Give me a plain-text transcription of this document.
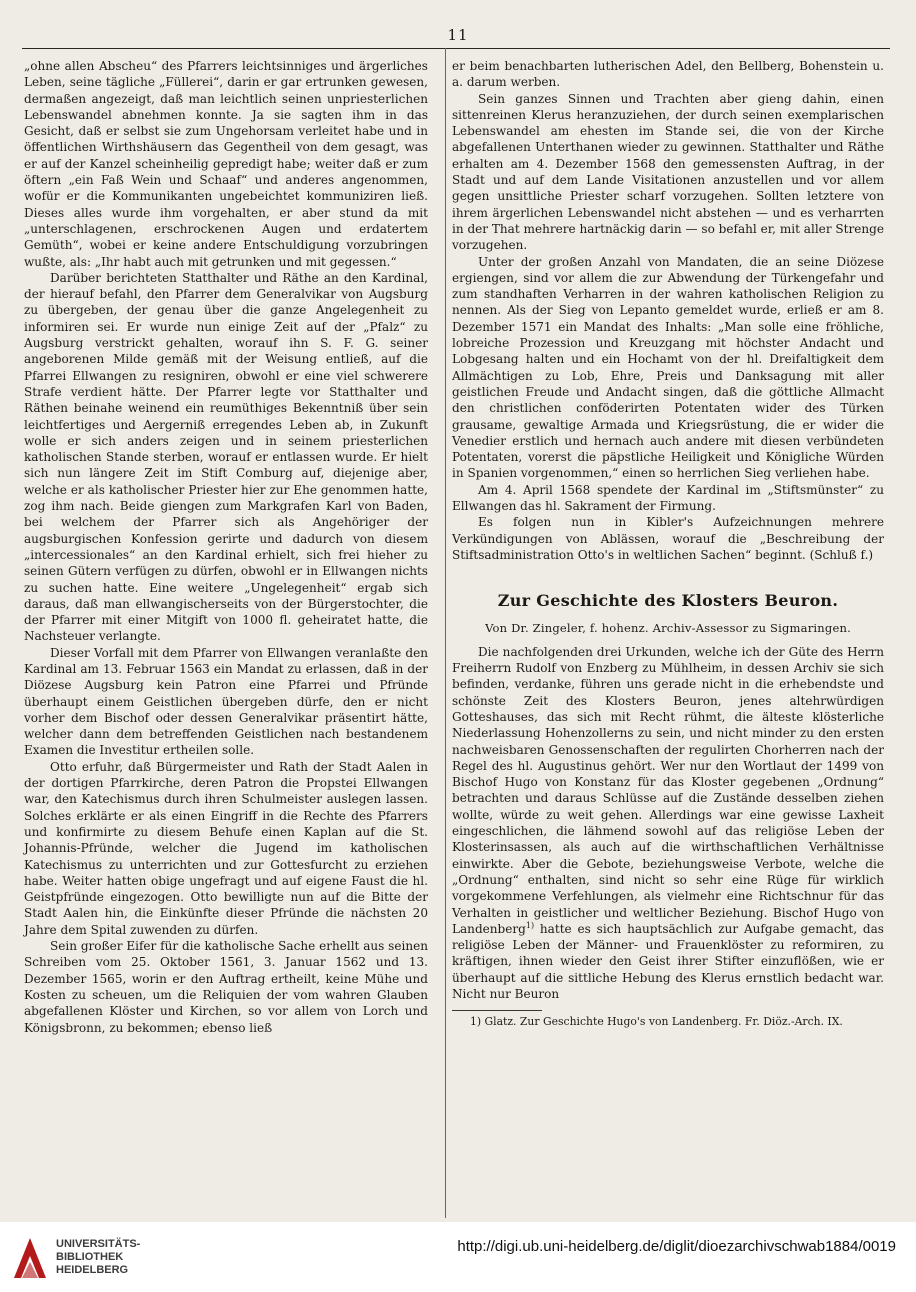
11

„ohne allen Abscheu“ des Pfarrers leichtsinniges und ärgerliches Leben, seine tägliche „Füllerei“, darin er gar ertrunken gewesen, dermaßen angezeigt, daß man leichtlich seinen unpriesterlichen Lebenswandel abnehmen konnte. Ja sie sagten ihm in das Gesicht, daß er selbst sie zum Ungehorsam verleitet habe und in öffentlichen Wirthshäusern das Gegentheil von dem gesagt, was er auf der Kanzel scheinheilig gepredigt habe; weiter daß er zum öftern „ein Faß Wein und Schaaf“ und anderes angenommen, wofür er die Kommunikanten ungebeichtet kommuniziren ließ. Dieses alles wurde ihm vorgehalten, er aber stund da mit „unterschlagenen, erschrockenen Augen und erdatertem Gemüth“, wobei er keine andere Entschuldigung vorzubringen wußte, als: „Ihr habt auch mit getrunken und mit gegessen.“

Darüber berichteten Statthalter und Räthe an den Kardinal, der hierauf befahl, den Pfarrer dem Generalvikar von Augsburg zu übergeben, der genau über die ganze Angelegenheit zu informiren sei. Er wurde nun einige Zeit auf der „Pfalz“ zu Augsburg verstrickt gehalten, worauf ihn S. F. G. seiner angeborenen Milde gemäß mit der Weisung entließ, auf die Pfarrei Ellwangen zu resigniren, obwohl er eine viel schwerere Strafe verdient hätte. Der Pfarrer legte vor Statthalter und Räthen beinahe weinend ein reumüthiges Bekenntniß über sein leichtfertiges und Aergerniß erregendes Leben ab, in Zukunft wolle er sich anders zeigen und in seinem priesterlichen katholischen Stande sterben, worauf er entlassen wurde. Er hielt sich nun längere Zeit im Stift Comburg auf, diejenige aber, welche er als katholischer Priester hier zur Ehe genommen hatte, zog ihm nach. Beide giengen zum Markgrafen Karl von Baden, bei welchem der Pfarrer sich als Angehöriger der augsburgischen Konfession gerirte und dadurch von diesem „intercessionales“ an den Kardinal erhielt, sich frei hieher zu seinen Gütern verfügen zu dürfen, obwohl er in Ellwangen nichts zu suchen hatte. Eine weitere „Ungelegenheit“ ergab sich daraus, daß man ellwangischerseits von der Bürgerstochter, die der Pfarrer mit einer Mitgift von 1000 fl. geheiratet hatte, die Nachsteuer verlangte.

Dieser Vorfall mit dem Pfarrer von Ellwangen veranlaßte den Kardinal am 13. Februar 1563 ein Mandat zu erlassen, daß in der Diözese Augsburg kein Patron eine Pfarrei und Pfründe überhaupt einem Geistlichen übergeben dürfe, den er nicht vorher dem Bischof oder dessen Generalvikar präsentirt hätte, welcher dann dem betreffenden Geistlichen nach bestandenem Examen die Investitur ertheilen solle.

Otto erfuhr, daß Bürgermeister und Rath der Stadt Aalen in der dortigen Pfarrkirche, deren Patron die Propstei Ellwangen war, den Katechismus durch ihren Schulmeister auslegen lassen. Solches erklärte er als einen Eingriff in die Rechte des Pfarrers und konfirmirte zu diesem Behufe einen Kaplan auf die St. Johannis-Pfründe, welcher die Jugend im katholischen Katechismus zu unterrichten und zur Gottesfurcht zu erziehen habe. Weiter hatten obige ungefragt und auf eigene Faust die hl. Geistpfründe eingezogen. Otto bewilligte nun auf die Bitte der Stadt Aalen hin, die Einkünfte dieser Pfründe die nächsten 20 Jahre dem Spital zuwenden zu dürfen.

Sein großer Eifer für die katholische Sache erhellt aus seinen Schreiben vom 25. Oktober 1561, 3. Januar 1562 und 13. Dezember 1565, worin er den Auftrag ertheilt, keine Mühe und Kosten zu scheuen, um die Reliquien der vom wahren Glauben abgefallenen Klöster und Kirchen, so vor allem von Lorch und Königsbronn, zu bekommen; ebenso ließ

er beim benachbarten lutherischen Adel, den Bellberg, Bohenstein u. a. darum werben.

Sein ganzes Sinnen und Trachten aber gieng dahin, einen sittenreinen Klerus heranzuziehen, der durch seinen exemplarischen Lebenswandel am ehesten im Stande sei, die von der Kirche abgefallenen Unterthanen wieder zu gewinnen. Statthalter und Räthe erhalten am 4. Dezember 1568 den gemessensten Auftrag, in der Stadt und auf dem Lande Visitationen anzustellen und vor allem gegen unsittliche Priester scharf vorzugehen. Sollten letztere von ihrem ärgerlichen Lebenswandel nicht abstehen — und es verharrten in der That mehrere hartnäckig darin — so befahl er, mit aller Strenge vorzugehen.

Unter der großen Anzahl von Mandaten, die an seine Diözese ergiengen, sind vor allem die zur Abwendung der Türkengefahr und zum standhaften Verharren in der wahren katholischen Religion zu nennen. Als der Sieg von Lepanto gemeldet wurde, erließ er am 8. Dezember 1571 ein Mandat des Inhalts: „Man solle eine fröhliche, lobreiche Prozession und Kreuzgang mit höchster Andacht und Lobgesang halten und ein Hochamt von der hl. Dreifaltigkeit dem Allmächtigen zu Lob, Ehre, Preis und Danksagung mit aller geistlichen Freude und Andacht singen, daß die göttliche Allmacht den christlichen conföderirten Potentaten wider des Türken grausame, gewaltige Armada und Kriegsrüstung, die er wider die Venedier erstlich und hernach auch andere mit diesen verbündeten Potentaten, vorerst die päpstliche Heiligkeit und Königliche Würden in Spanien vorgenommen,“ einen so herrlichen Sieg verliehen habe.

Am 4. April 1568 spendete der Kardinal im „Stiftsmünster“ zu Ellwangen das hl. Sakrament der Firmung.

Es folgen nun in Kibler's Aufzeichnungen mehrere Verkündigungen von Ablässen, worauf die „Beschreibung der Stiftsadministration Otto's in weltlichen Sachen“ beginnt. (Schluß f.)

Zur Geschichte des Klosters Beuron.
Von Dr. Zingeler, f. hohenz. Archiv-Assessor zu Sigmaringen.

Die nachfolgenden drei Urkunden, welche ich der Güte des Herrn Freiherrn Rudolf von Enzberg zu Mühlheim, in dessen Archiv sie sich befinden, verdanke, führen uns gerade nicht in die erhebendste und schönste Zeit des Klosters Beuron, jenes altehrwürdigen Gotteshauses, das sich mit Recht rühmt, die älteste klösterliche Niederlassung Hohenzollerns zu sein, und nicht minder zu den ersten nachweisbaren Genossenschaften der regulirten Chorherren nach der Regel des hl. Augustinus gehört. Wer nur den Wortlaut der 1499 von Bischof Hugo von Konstanz für das Kloster gegebenen „Ordnung“ betrachten und daraus Schlüsse auf die Zustände desselben ziehen wollte, würde zu weit gehen. Allerdings war eine gewisse Laxheit eingeschlichen, die lähmend sowohl auf das religiöse Leben der Klosterinsassen, als auch auf die wirthschaftlichen Verhältnisse einwirkte. Aber die Gebote, beziehungsweise Verbote, welche die „Ordnung“ enthalten, sind nicht so sehr eine Rüge für wirklich vorgekommene Verfehlungen, als vielmehr eine Richtschnur für das Verhalten in geistlicher und weltlicher Beziehung. Bischof Hugo von Landenberg$^{1)}$ hatte es sich hauptsächlich zur Aufgabe gemacht, das religiöse Leben der Männer- und Frauenklöster zu reformiren, zu kräftigen, ihnen wieder den Geist ihrer Stifter einzuflößen, wie er überhaupt auf die sittliche Hebung des Klerus ernstlich bedacht war. Nicht nur Beuron

1) Glatz. Zur Geschichte Hugo's von Landenberg. Fr. Diöz.-Arch. IX.
UNIVERSITÄTS-
BIBLIOTHEK
HEIDELBERG
http://digi.ub.uni-heidelberg.de/diglit/dioezarchivschwab1884/0019
